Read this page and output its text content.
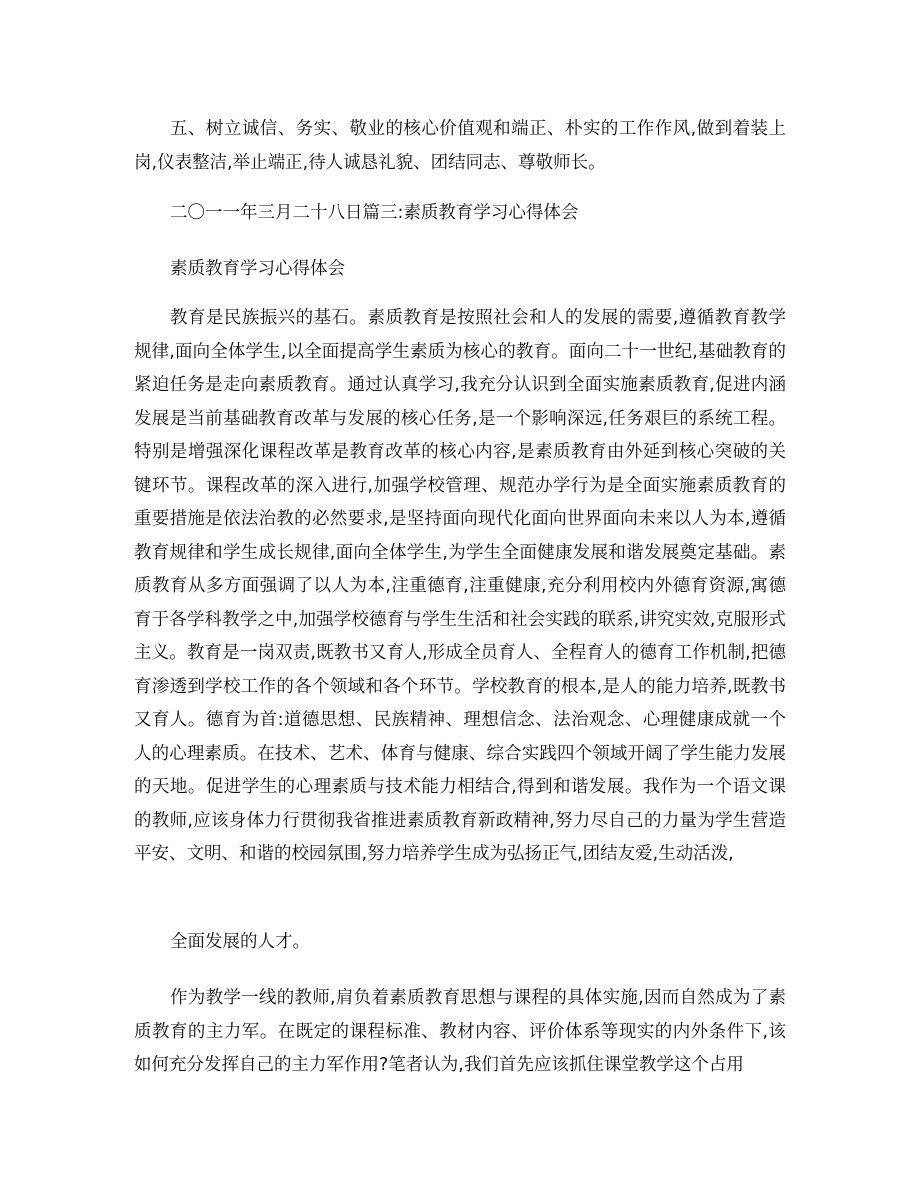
五、树立诚信、务实、敬业的核心价值观和端正、朴实的工作作风,做到着装上岗,仪表整洁,举止端正,待人诚恳礼貌、团结同志、尊敬师长。

二〇一一年三月二十八日篇三:素质教育学习心得体会

素质教育学习心得体会

教育是民族振兴的基石。素质教育是按照社会和人的发展的需要,遵循教育教学规律,面向全体学生,以全面提高学生素质为核心的教育。面向二十一世纪,基础教育的紧迫任务是走向素质教育。通过认真学习,我充分认识到全面实施素质教育,促进内涵发展是当前基础教育改革与发展的核心任务,是一个影响深远,任务艰巨的系统工程。特别是增强深化课程改革是教育改革的核心内容,是素质教育由外延到核心突破的关键环节。课程改革的深入进行,加强学校管理、规范办学行为是全面实施素质教育的重要措施是依法治教的必然要求,是坚持面向现代化面向世界面向未来以人为本,遵循教育规律和学生成长规律,面向全体学生,为学生全面健康发展和谐发展奠定基础。素质教育从多方面强调了以人为本,注重德育,注重健康,充分利用校内外德育资源,寓德育于各学科教学之中,加强学校德育与学生生活和社会实践的联系,讲究实效,克服形式主义。教育是一岗双责,既教书又育人,形成全员育人、全程育人的德育工作机制,把德育渗透到学校工作的各个领域和各个环节。学校教育的根本,是人的能力培养,既教书又育人。德育为首:道德思想、民族精神、理想信念、法治观念、心理健康成就一个人的心理素质。在技术、艺术、体育与健康、综合实践四个领域开阔了学生能力发展的天地。促进学生的心理素质与技术能力相结合,得到和谐发展。我作为一个语文课的教师,应该身体力行贯彻我省推进素质教育新政精神,努力尽自己的力量为学生营造平安、文明、和谐的校园氛围,努力培养学生成为弘扬正气,团结友爱,生动活泼,

全面发展的人才。

作为教学一线的教师,肩负着素质教育思想与课程的具体实施,因而自然成为了素质教育的主力军。在既定的课程标准、教材内容、评价体系等现实的内外条件下,该如何充分发挥自己的主力军作用?笔者认为,我们首先应该抓住课堂教学这个占用
